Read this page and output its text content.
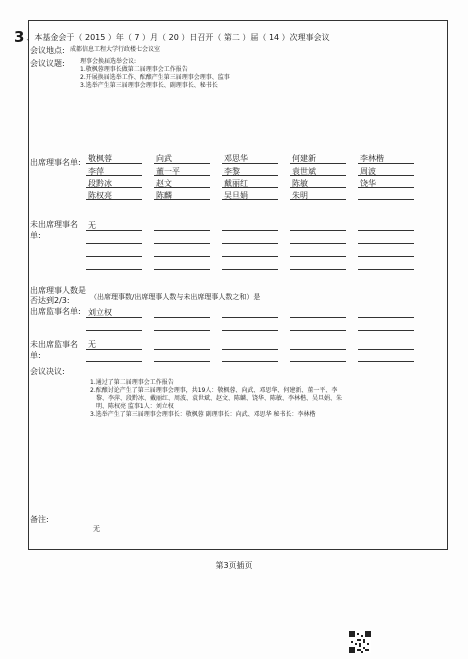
3 、本基金会于（ 2015 ）年（ 7 ）月（ 20 ）日召开（ 第二 ）届（ 14 ）次理事会议
会议地点: 成都信息工程大学行政楼七会议室
会议议题:	理事会换届选举会议:
1.敬枫蓉理事长做第二届理事会工作报告
2.开展换届选举工作、酝酿产生第三届理事会理事、监事
3.选举产生第三届理事会理事长、副理事长、秘书长
出席理事名单: 敬枫蓉	向武	邓思华	何建新	李林楷
李萍	董一平	李黎	袁世斌	周波
段黔冰	赵文	戴丽红	陈敏	饶华
陈权亮	陈麟	吴旦娟	朱明
未出席理事名单:
无
出席理事人数是否达到2/3:	（出席理事数/出席理事人数与未出席理事人数之和）是
出席监事名单: 刘立权
未出席监事名单:
无
会议决议:
1.通过了第二届理事会工作报告
2.酝酿讨论产生了第三届理事会理事，共19人：敬枫蓉、向武、邓思华、何建新、董一平、李
黎、李萍、段黔冰、戴丽红、周波、袁世斌、赵文、陈麟、饶华、陈敏、李林楷、吴旦娟、朱
明、陈权亮 监事1人：刘立权
3.选举产生了第三届理事会理事长：敬枫蓉 副理事长：向武、邓思华 秘书长：李林楷
备注:
无
第3页插页
